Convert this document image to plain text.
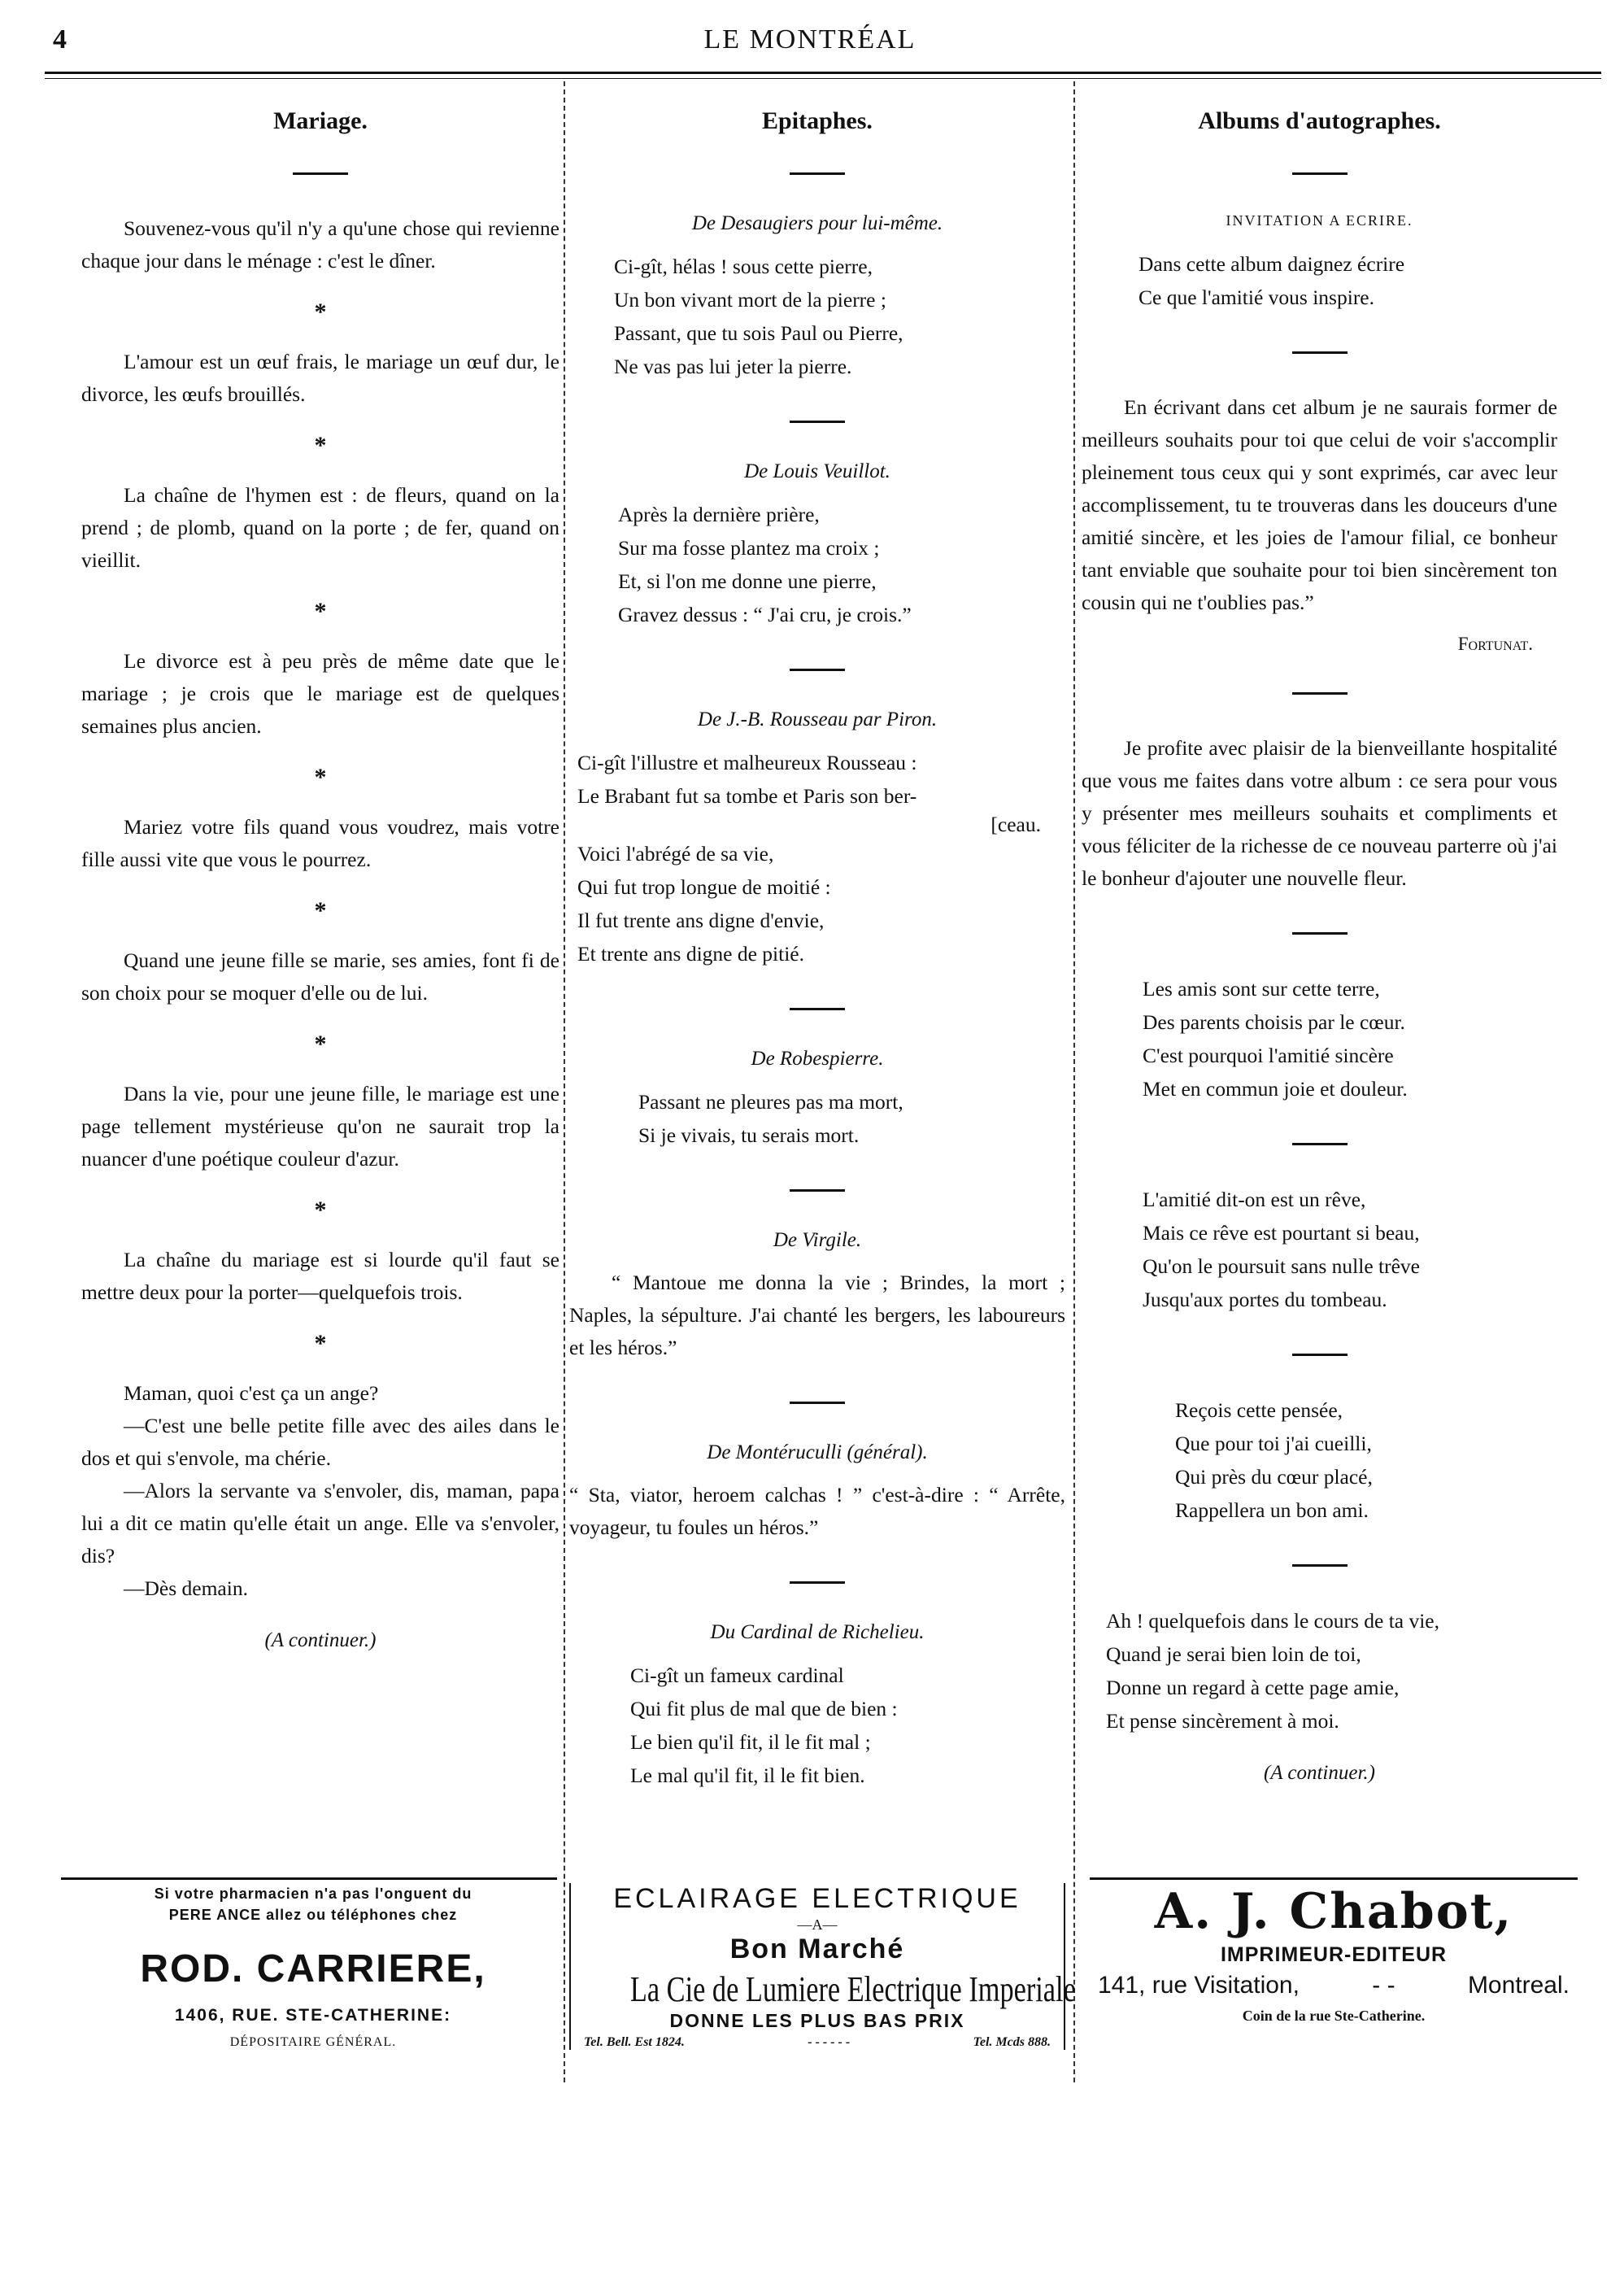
4	LE MONTRÉAL
Mariage.

Souvenez-vous qu'il n'y a qu'une chose qui revienne chaque jour dans le ménage : c'est le dîner.

*

L'amour est un œuf frais, le mariage un œuf dur, le divorce, les œufs brouillés.

*

La chaîne de l'hymen est : de fleurs, quand on la prend ; de plomb, quand on la porte ; de fer, quand on vieillit.

*

Le divorce est à peu près de même date que le mariage ; je crois que le mariage est de quelques semaines plus ancien.

*

Mariez votre fils quand vous voudrez, mais votre fille aussi vite que vous le pourrez.

*

Quand une jeune fille se marie, ses amies, font fi de son choix pour se moquer d'elle ou de lui.

*

Dans la vie, pour une jeune fille, le mariage est une page tellement mystérieuse qu'on ne saurait trop la nuancer d'une poétique couleur d'azur.

*

La chaîne du mariage est si lourde qu'il faut se mettre deux pour la porter—quelquefois trois.

*

Maman, quoi c'est ça un ange?

—C'est une belle petite fille avec des ailes dans le dos et qui s'envole, ma chérie.

—Alors la servante va s'envoler, dis, maman, papa lui a dit ce matin qu'elle était un ange. Elle va s'envoler, dis?

—Dès demain.

(A continuer.)
Epitaphes.
De Desaugiers pour lui-même.
Ci-gît, hélas ! sous cette pierre,
Un bon vivant mort de la pierre ;
Passant, que tu sois Paul ou Pierre,
Ne vas pas lui jeter la pierre.
De Louis Veuillot.
Après la dernière prière,
Sur ma fosse plantez ma croix ;
Et, si l'on me donne une pierre,
Gravez dessus : “ J'ai cru, je crois.”
De J.-B. Rousseau par Piron.
Ci-gît l'illustre et malheureux Rousseau :
Le Brabant fut sa tombe et Paris son ber-
[ceau.
Voici l'abrégé de sa vie,
Qui fut trop longue de moitié :
Il fut trente ans digne d'envie,
Et trente ans digne de pitié.
De Robespierre.
Passant ne pleures pas ma mort,
Si je vivais, tu serais mort.
De Virgile.

“ Mantoue me donna la vie ; Brindes, la mort ; Naples, la sépulture. J'ai chanté les bergers, les laboureurs et les héros.”

De Montéruculli (général).

“ Sta, viator, heroem calchas ! ” c'est-à-dire : “ Arrête, voyageur, tu foules un héros.”

Du Cardinal de Richelieu.
Ci-gît un fameux cardinal
Qui fit plus de mal que de bien :
Le bien qu'il fit, il le fit mal ;
Le mal qu'il fit, il le fit bien.
Albums d'autographes.
INVITATION A ECRIRE.
Dans cette album daignez écrire
Ce que l'amitié vous inspire.

En écrivant dans cet album je ne saurais former de meilleurs souhaits pour toi que celui de voir s'accomplir pleinement tous ceux qui y sont exprimés, car avec leur accomplissement, tu te trouveras dans les douceurs d'une amitié sincère, et les joies de l'amour filial, ce bonheur tant enviable que souhaite pour toi bien sincèrement ton cousin qui ne t'oublies pas.”

Fortunat.

Je profite avec plaisir de la bienveillante hospitalité que vous me faites dans votre album : ce sera pour vous y présenter mes meilleurs souhaits et compliments et vous féliciter de la richesse de ce nouveau parterre où j'ai le bonheur d'ajouter une nouvelle fleur.

Les amis sont sur cette terre,
Des parents choisis par le cœur.
C'est pourquoi l'amitié sincère
Met en commun joie et douleur.
L'amitié dit-on est un rêve,
Mais ce rêve est pourtant si beau,
Qu'on le poursuit sans nulle trêve
Jusqu'aux portes du tombeau.
Reçois cette pensée,
Que pour toi j'ai cueilli,
Qui près du cœur placé,
Rappellera un bon ami.
Ah ! quelquefois dans le cours de ta vie,
Quand je serai bien loin de toi,
Donne un regard à cette page amie,
Et pense sincèrement à moi.
(A continuer.)
Si votre pharmacien n'a pas l'onguent du
PERE ANCE allez ou téléphones chez
ROD. CARRIERE,
1406, RUE. STE-CATHERINE:
DÉPOSITAIRE GÉNÉRAL.
ECLAIRAGE ELECTRIQUE
—A—
Bon Marché
La Cie de Lumiere Electrique Imperiale
DONNE LES PLUS BAS PRIX
Tel. Bell. Est 1824.	- - - - - -	Tel. Mcds 888.
A. J. Chabot,
IMPRIMEUR-EDITEUR
141, rue Visitation,	- -	Montreal.
Coin de la rue Ste-Catherine.
